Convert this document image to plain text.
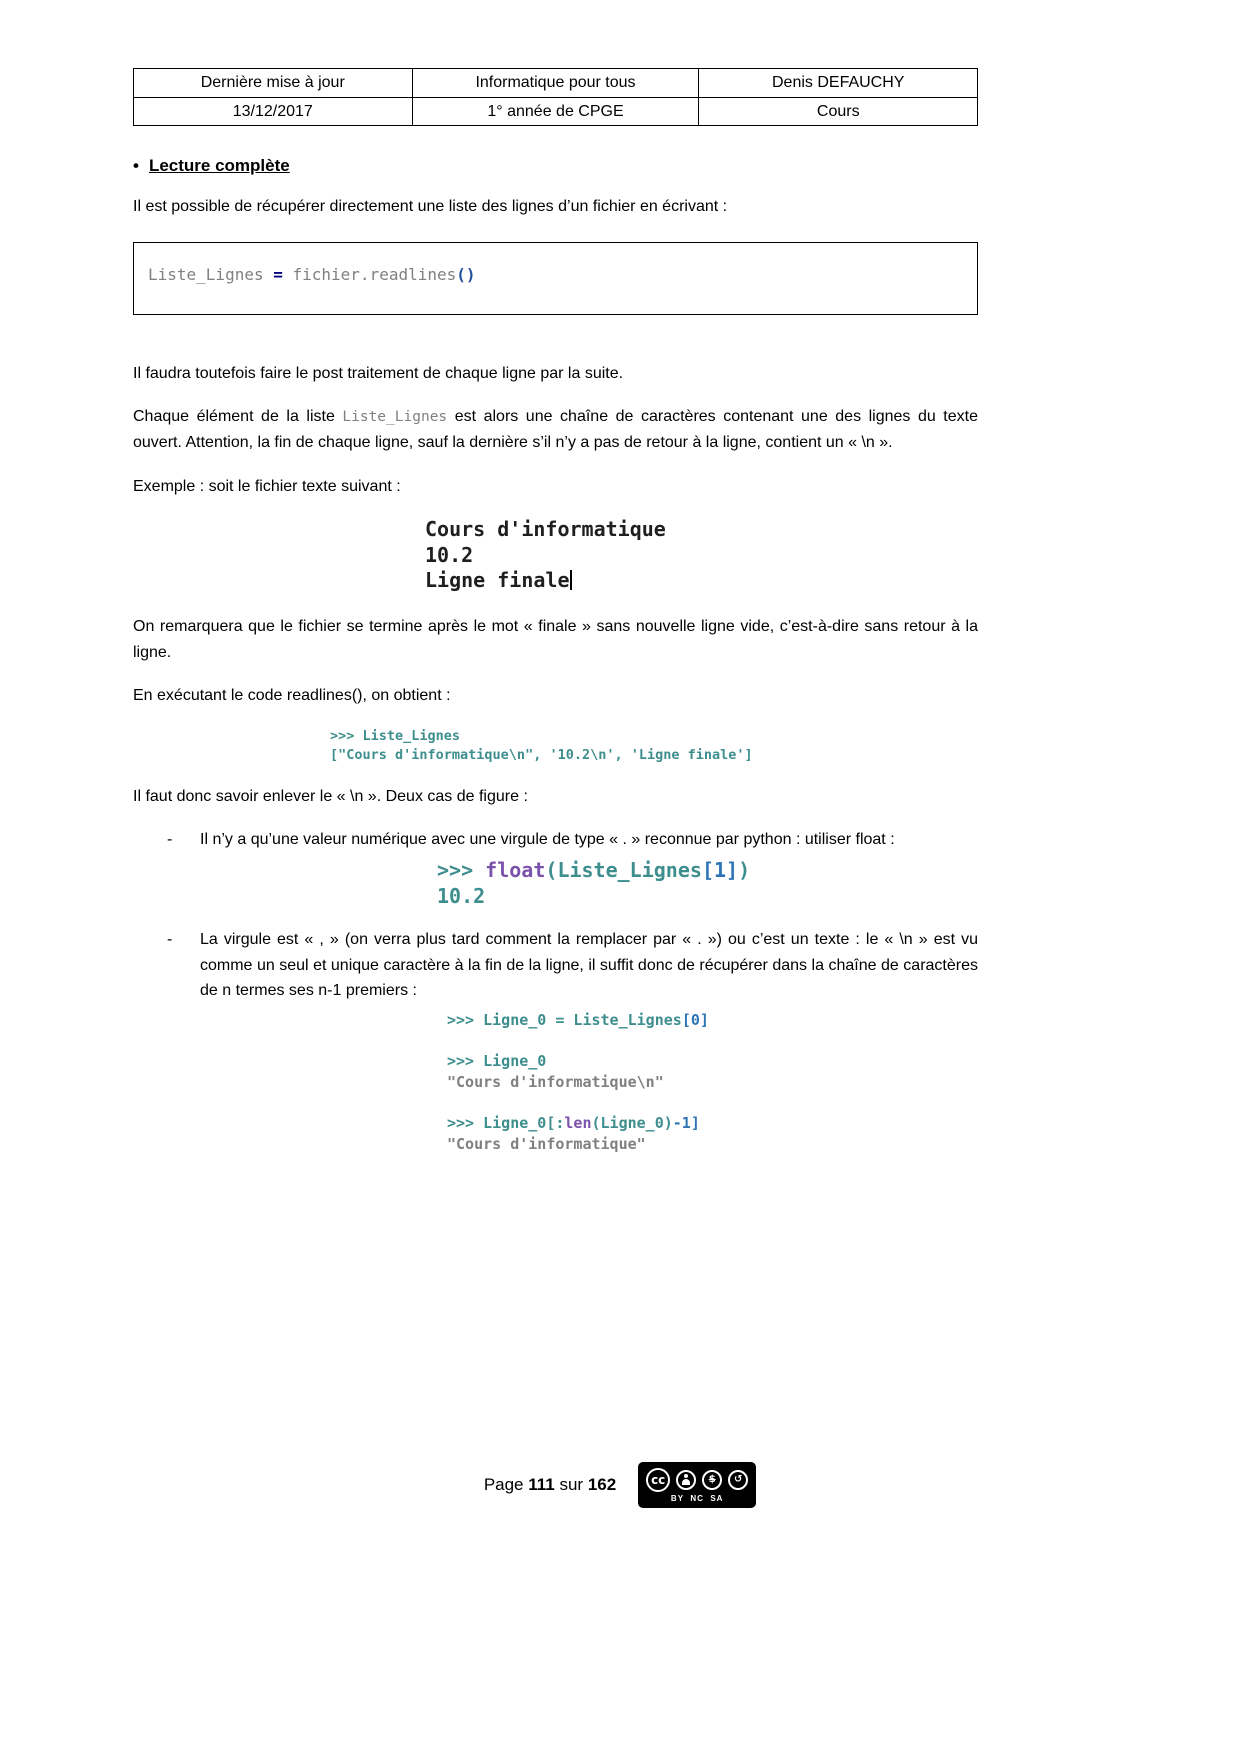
Dernière mise à jour	Informatique pour tous	Denis DEFAUCHY
13/12/2017	1° année de CPGE	Cours
• Lecture complète

Il est possible de récupérer directement une liste des lignes d’un fichier en écrivant :

Liste_Lignes = fichier.readlines()

Il faudra toutefois faire le post traitement de chaque ligne par la suite.

Chaque élément de la liste Liste_Lignes est alors une chaîne de caractères contenant une des lignes du texte ouvert. Attention, la fin de chaque ligne, sauf la dernière s’il n’y a pas de retour à la ligne, contient un « \n ».

Exemple : soit le fichier texte suivant :

Cours d'informatique
10.2
Ligne finale

On remarquera que le fichier se termine après le mot « finale » sans nouvelle ligne vide, c’est-à-dire sans retour à la ligne.

En exécutant le code readlines(), on obtient :

>>> Liste_Lignes
["Cours d'informatique\n", '10.2\n', 'Ligne finale']

Il faut donc savoir enlever le « \n ». Deux cas de figure :

- Il n’y a qu’une valeur numérique avec une virgule de type « . » reconnue par python : utiliser float :
>>> float(Liste_Lignes[1])
10.2
- La virgule est « , » (on verra plus tard comment la remplacer par « . ») ou c’est un texte : le « \n » est vu comme un seul et unique caractère à la fin de la ligne, il suffit donc de récupérer dans la chaîne de caractères de n termes ses n-1 premiers :
>>> Ligne_0 = Liste_Lignes[0]
>>> Ligne_0
"Cours d'informatique\n"
>>> Ligne_0[:len(Ligne_0)-1]
"Cours d'informatique"
Page 111 sur 162	cc	$	↺
BY  NC  SA
